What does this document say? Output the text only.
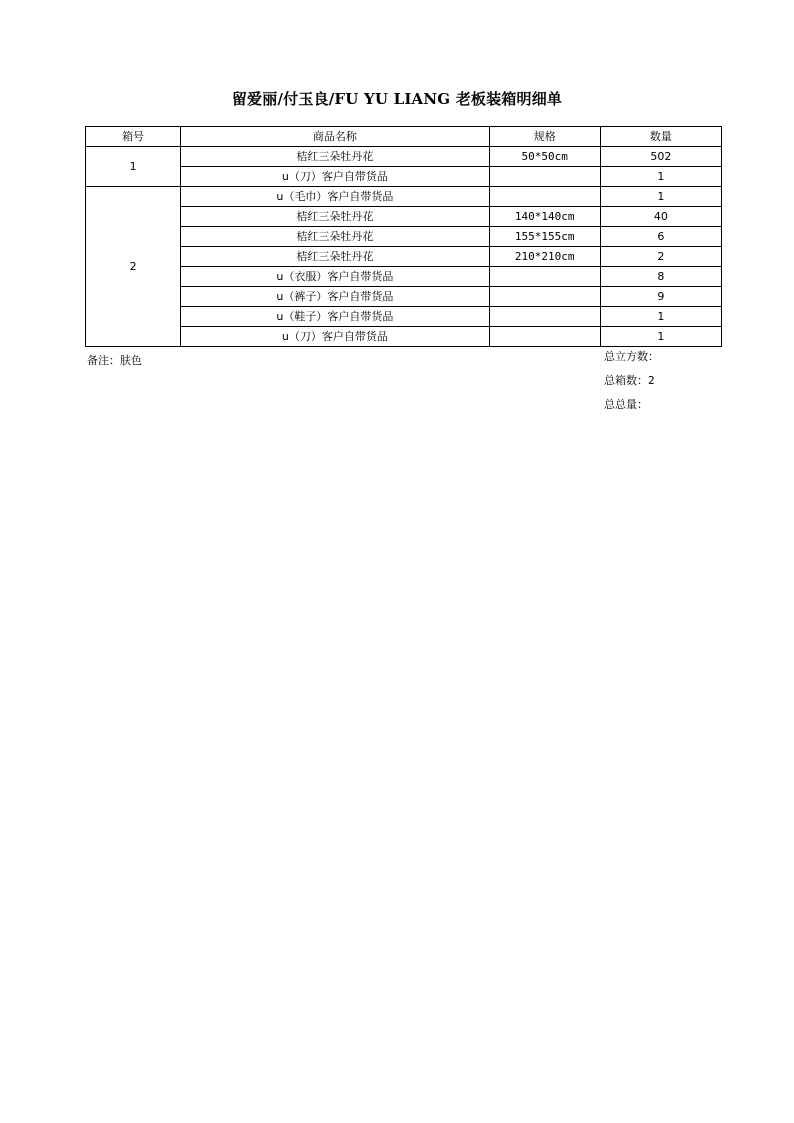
留爱丽/付玉良/FU YU LIANG 老板装箱明细单
箱号	商品名称	规格	数量
1	桔红三朵牡丹花	50*50cm	502
	u（刀）客户自带货品		1
2	u（毛巾）客户自带货品		1
	桔红三朵牡丹花	140*140cm	40
	桔红三朵牡丹花	155*155cm	6
	桔红三朵牡丹花	210*210cm	2
	u（衣服）客户自带货品		8
	u（裤子）客户自带货品		9
	u（鞋子）客户自带货品		1
	u（刀）客户自带货品		1
备注：肤色	总立方数：
总箱数：2
总总量：
